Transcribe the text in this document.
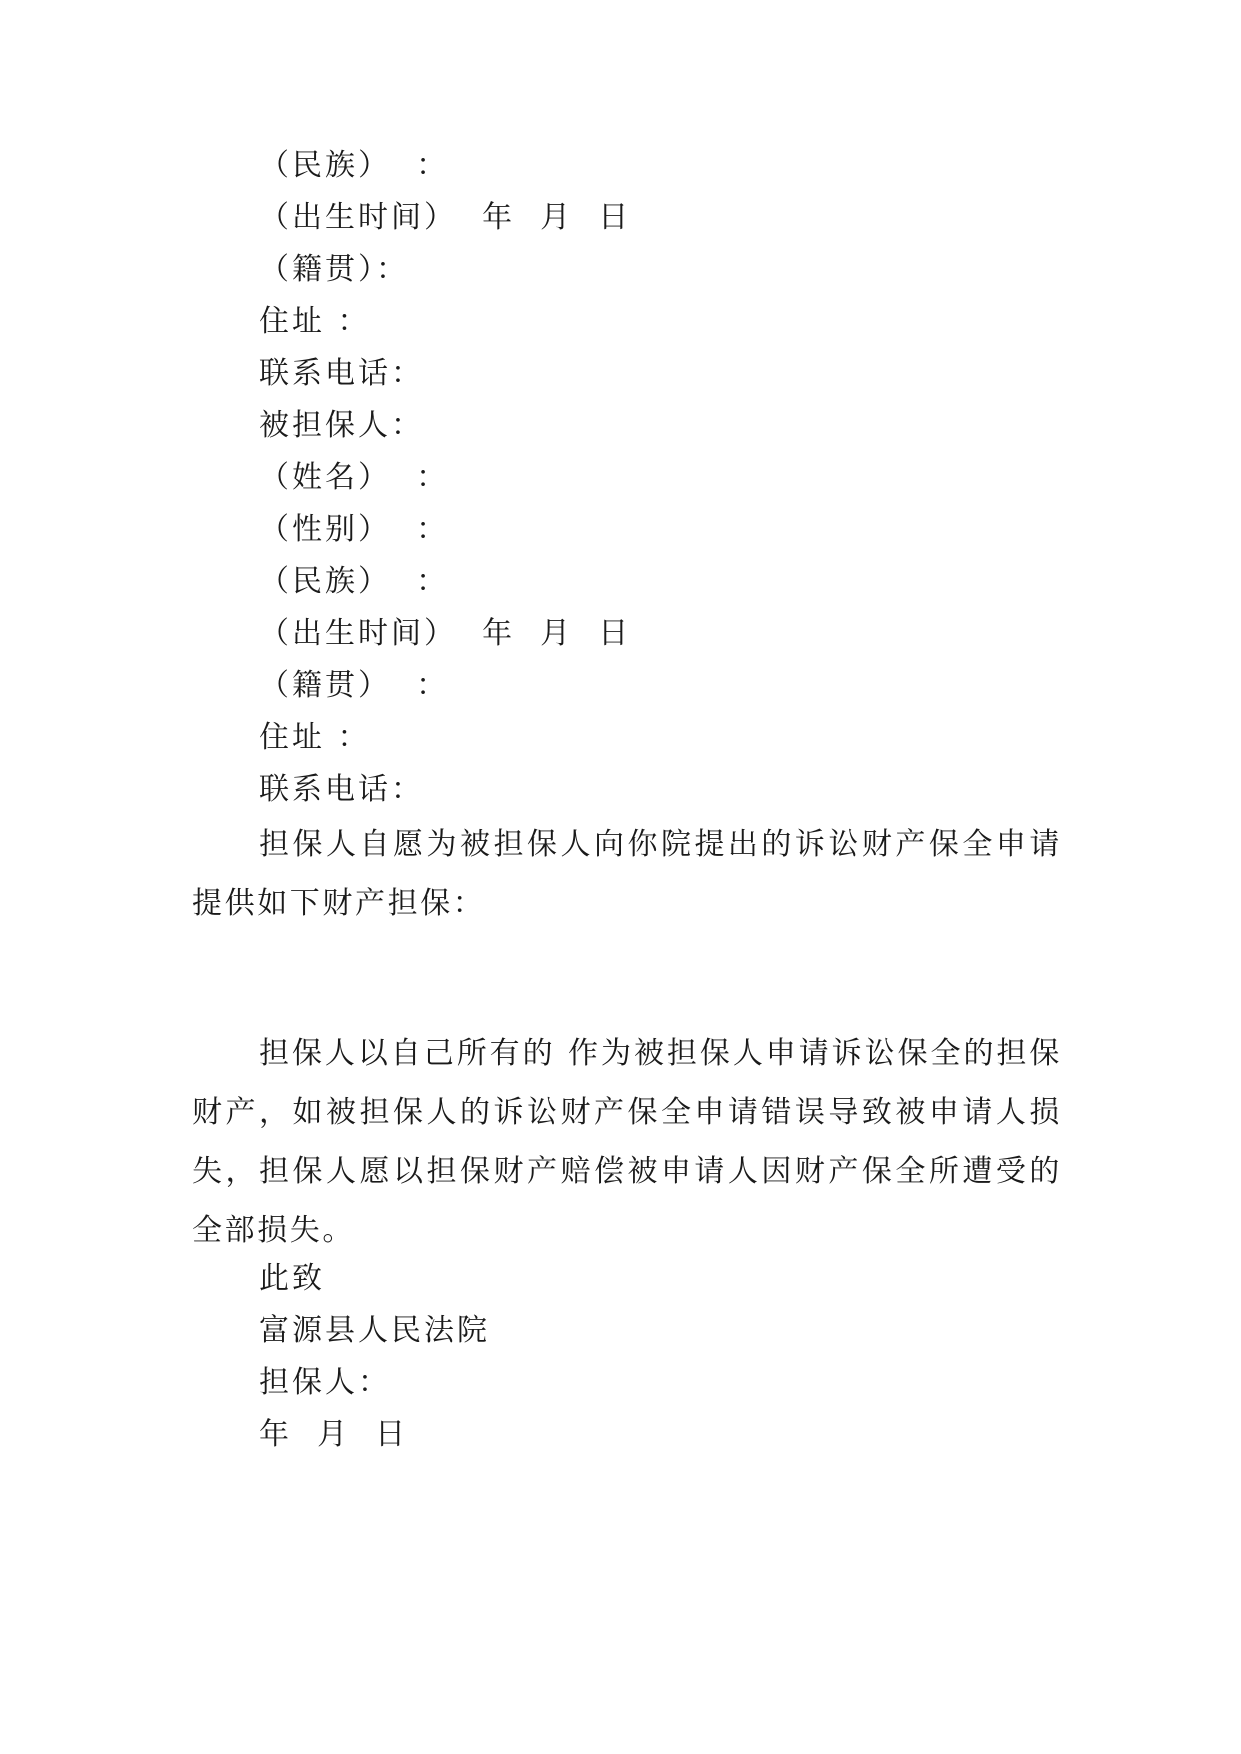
（民族）  ：
（出生时间）  年  月  日
（籍贯）：
住址 ：
联系电话：
被担保人：
（姓名）  ：
（性别）  ：
（民族）  ：
（出生时间）  年  月  日
（籍贯）  ：
住址 ：
联系电话：
担保人自愿为被担保人向你院提出的诉讼财产保全申请提供如下财产担保：
担保人以自己所有的 作为被担保人申请诉讼保全的担保财产，如被担保人的诉讼财产保全申请错误导致被申请人损失，担保人愿以担保财产赔偿被申请人因财产保全所遭受的全部损失。
此致
富源县人民法院
担保人：
年  月  日
